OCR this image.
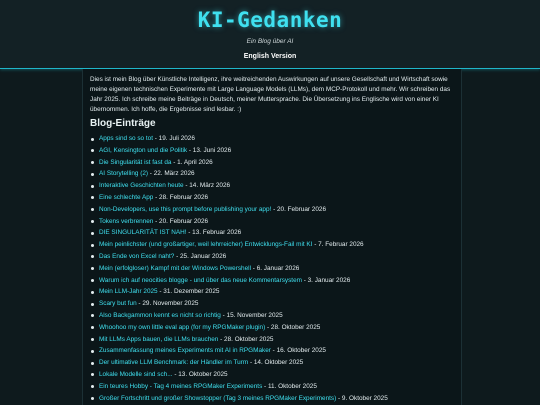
KI-Gedanken
Ein Blog über AI
English Version
Dies ist mein Blog über Künstliche Intelligenz, ihre weitreichenden Auswirkungen auf unsere Gesellschaft und Wirtschaft sowie meine eigenen technischen Experimente mit Large Language Models (LLMs), dem MCP-Protokoll und mehr. Wir schreiben das Jahr 2025. Ich schreibe meine Beiträge in Deutsch, meiner Muttersprache. Die Übersetzung ins Englische wird von einer KI übernommen. Ich hoffe, die Ergebnisse sind lesbar. :)
Blog-Einträge
Apps sind so so tot - 19. Juli 2026
AGI, Kensington und die Politik - 13. Juni 2026
Die Singularität ist fast da - 1. April 2026
AI Storytelling (2) - 22. März 2026
Interaktive Geschichten heute - 14. März 2026
Eine schlechte App - 28. Februar 2026
Non-Developers, use this prompt before publishing your app! - 20. Februar 2026
Tokens verbrennen - 20. Februar 2026
DIE SINGULARITÄT IST NAH! - 13. Februar 2026
Mein peinlichster (und großartiger, weil lehrreicher) Entwicklungs-Fail mit KI - 7. Februar 2026
Das Ende von Excel naht? - 25. Januar 2026
Mein (erfolgloser) Kampf mit der Windows Powershell - 6. Januar 2026
Warum ich auf neocities blogge - und über das neue Kommentarsystem - 3. Januar 2026
Mein LLM-Jahr 2025 - 31. Dezember 2025
Scary but fun - 29. November 2025
Also Backgammon kennt es nicht so richtig - 15. November 2025
Whoohoo my own little eval app (for my RPGMaker plugin) - 28. Oktober 2025
Mit LLMs Apps bauen, die LLMs brauchen - 28. Oktober 2025
Zusammenfassung meines Experiments mit AI in RPGMaker - 16. Oktober 2025
Der ultimative LLM Benchmark: der Händler im Turm - 14. Oktober 2025
Lokale Modelle sind sch... - 13. Oktober 2025
Ein teures Hobby - Tag 4 meines RPGMaker Experiments - 11. Oktober 2025
Großer Fortschritt und großer Showstopper (Tag 3 meines RPGMaker Experiments) - 9. Oktober 2025
